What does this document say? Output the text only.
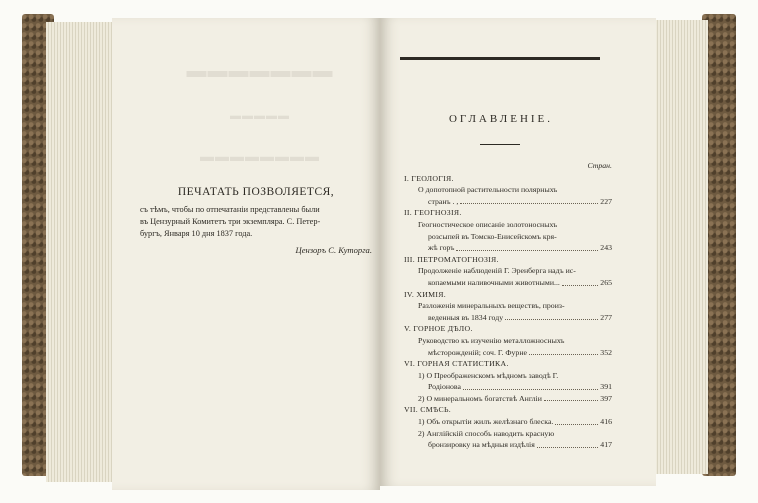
▬▬▬▬▬▬▬
▬▬▬▬▬
▬▬▬▬▬▬▬▬

ПЕЧАТАТЬ ПОЗВОЛЯЕТСЯ,

съ тѣмъ, чтобы по отпечатаніи представлены были
въ Цензурный Комитетъ три экземпляра. С. Петер-
бургъ, Января 10 дня 1837 года.

Цензоръ С. Куторга.
ОГЛАВЛЕНІЕ.
Стран.
I. ГЕОЛОГІЯ.
О допотопной растительности полярныхъ
странъ . ,	227
II. ГЕОГНОЗІЯ.
Геогностическое описаніе золотоносныхъ
розсыпей въ Томско-Енисейскомъ кря-
жѣ горъ	243
III. ПЕТРОМАТОГНОЗІЯ.
Продолженіе наблюденій Г. Эренберга надъ ис-
копаемыми наливочными животными...	265
IV. ХИМІЯ.
Разложенія минеральныхъ веществъ, произ-
веденныя въ 1834 году	277
V. ГОРНОЕ ДѢЛО.
Руководство къ изученію металложносныхъ
мѣсторожденій; соч. Г. Фурне	352
VI. ГОРНАЯ СТАТИСТИКА.
1) О Преображенскомъ мѣдномъ заводѣ Г.
Родіонова	391
2) О минеральномъ богатствѣ Англіи	397
VII. СМѢСЬ.
1) Объ открытіи жилъ желѣзнаго блеска.	416
2) Англійскій способъ наводить красную
бронзировку на мѣдныя издѣлія	417
